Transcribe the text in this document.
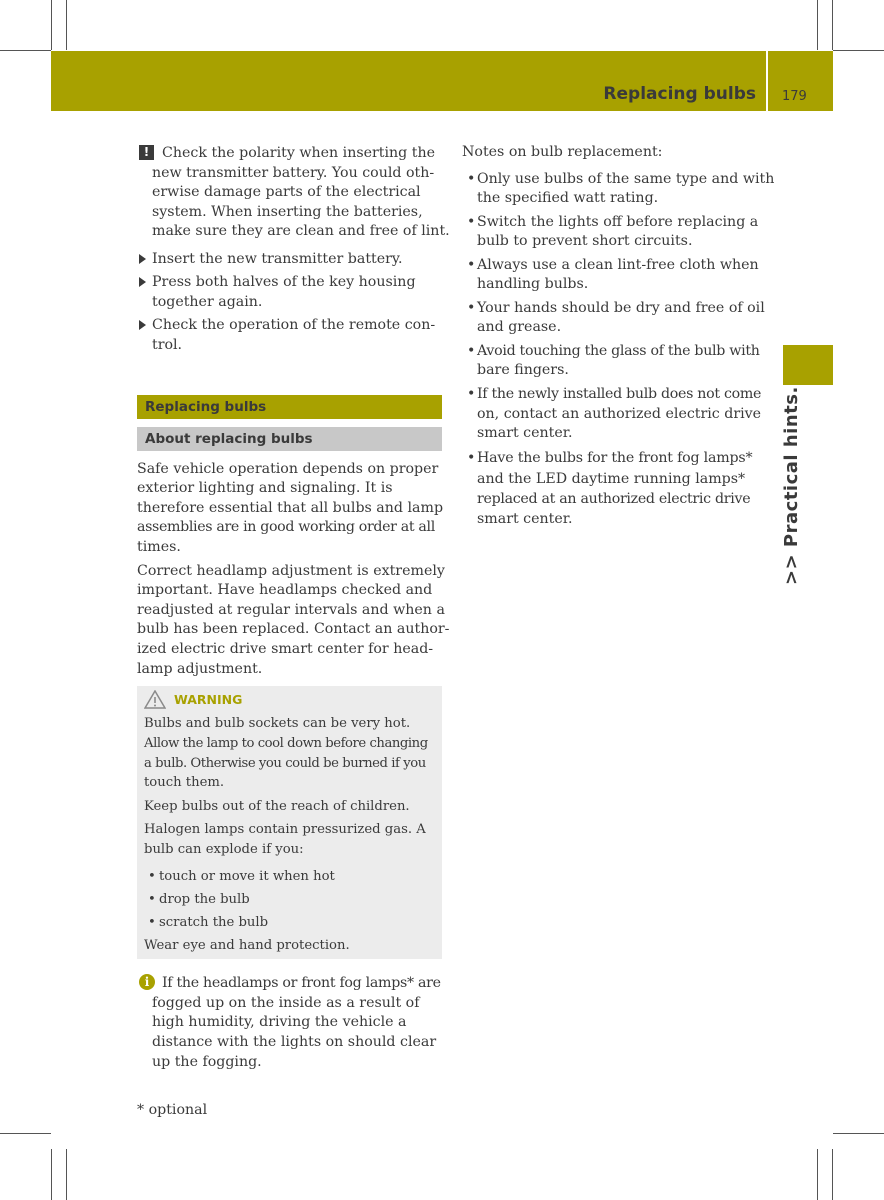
Replacing bulbs 179
>> Practical hints.
! Check the polarity when inserting the
new transmitter battery. You could oth-
erwise damage parts of the electrical
system. When inserting the batteries,
make sure they are clean and free of lint.
Insert the new transmitter battery.
Press both halves of the key housing
together again.
Check the operation of the remote con-
trol.
Replacing bulbs
About replacing bulbs
Safe vehicle operation depends on proper
exterior lighting and signaling. It is
therefore essential that all bulbs and lamp
assemblies are in good working order at all
times.
Correct headlamp adjustment is extremely
important. Have headlamps checked and
readjusted at regular intervals and when a
bulb has been replaced. Contact an author-
ized electric drive smart center for head-
lamp adjustment.
WARNING
Bulbs and bulb sockets can be very hot.
Allow the lamp to cool down before changing
a bulb. Otherwise you could be burned if you
touch them.
Keep bulbs out of the reach of children.
Halogen lamps contain pressurized gas. A
bulb can explode if you:
• touch or move it when hot
• drop the bulb
• scratch the bulb
Wear eye and hand protection.
i If the headlamps or front fog lamps* are
fogged up on the inside as a result of
high humidity, driving the vehicle a
distance with the lights on should clear
up the fogging.
* optional
Notes on bulb replacement:
• Only use bulbs of the same type and with
the specified watt rating.
• Switch the lights off before replacing a
bulb to prevent short circuits.
• Always use a clean lint-free cloth when
handling bulbs.
• Your hands should be dry and free of oil
and grease.
• Avoid touching the glass of the bulb with
bare fingers.
• If the newly installed bulb does not come
on, contact an authorized electric drive
smart center.
• Have the bulbs for the front fog lamps*
and the LED daytime running lamps*
replaced at an authorized electric drive
smart center.
